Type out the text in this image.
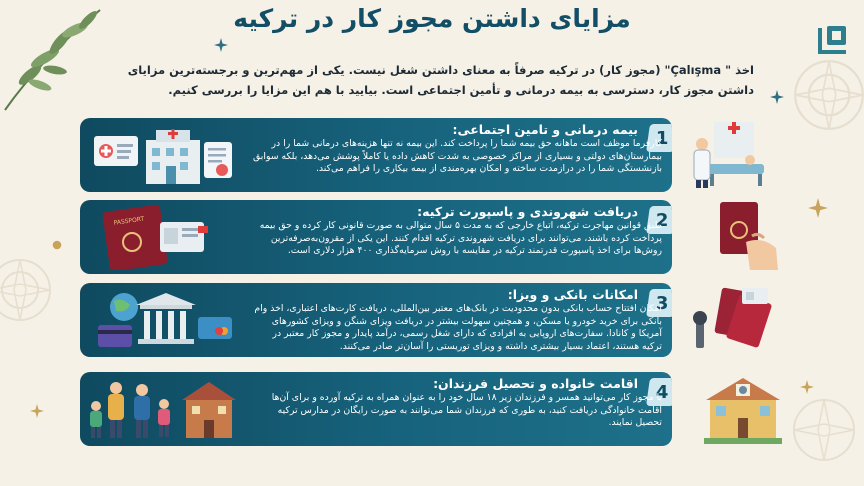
مزایای داشتن مجوز کار در ترکیه
اخذ " Çalışma" (مجوز کار) در ترکیه صرفاً به معنای داشتن شغل نیست. یکی از مهم‌ترین و برجسته‌ترین مزایای داشتن مجوز کار، دسترسی به بیمه درمانی و تأمین اجتماعی است. بیایید با هم این مزایا را بررسی کنیم.
1
بیمه درمانی و تامین اجتماعی:
کارفرما موظف است ماهانه حق بیمه شما را پرداخت کند. این بیمه نه تنها هزینه‌های درمانی شما را در بیمارستان‌های دولتی و بسیاری از مراکز خصوصی به شدت کاهش داده یا کاملاً پوشش می‌دهد، بلکه سوابق بازنشستگی شما را در درازمدت ساخته و امکان بهره‌مندی از بیمه بیکاری را فراهم می‌کند.
2
دریافت شهروندی و پاسپورت ترکیه:
طبق قوانین مهاجرت ترکیه، اتباع خارجی که به مدت ۵ سال متوالی به صورت قانونی کار کرده و حق بیمه پرداخت کرده باشند، می‌توانند برای دریافت شهروندی ترکیه اقدام کنند. این یکی از مقرون‌به‌صرفه‌ترین روش‌ها برای اخذ پاسپورت قدرتمند ترکیه در مقایسه با روش سرمایه‌گذاری ۴۰۰ هزار دلاری است.
PASSPORT
3
امکانات بانکی و ویزا:
امکان افتتاح حساب بانکی بدون محدودیت در بانک‌های معتبر بین‌المللی، دریافت کارت‌های اعتباری، اخذ وام بانکی برای خرید خودرو یا مسکن، و همچنین سهولت بیشتر در دریافت ویزای شنگن و ویزای کشورهای آمریکا و کانادا. سفارت‌های اروپایی به افرادی که دارای شغل رسمی، درآمد پایدار و مجوز کار معتبر در ترکیه هستند، اعتماد بسیار بیشتری داشته و ویزای توریستی را آسان‌تر صادر می‌کنند.
4
اقامت خانواده و تحصیل فرزندان:
با مجوز کار می‌توانید همسر و فرزندان زیر ۱۸ سال خود را به عنوان همراه به ترکیه آورده و برای آن‌ها اقامت خانوادگی دریافت کنید، به طوری که فرزندان شما می‌توانند به صورت رایگان در مدارس ترکیه تحصیل نمایند.
